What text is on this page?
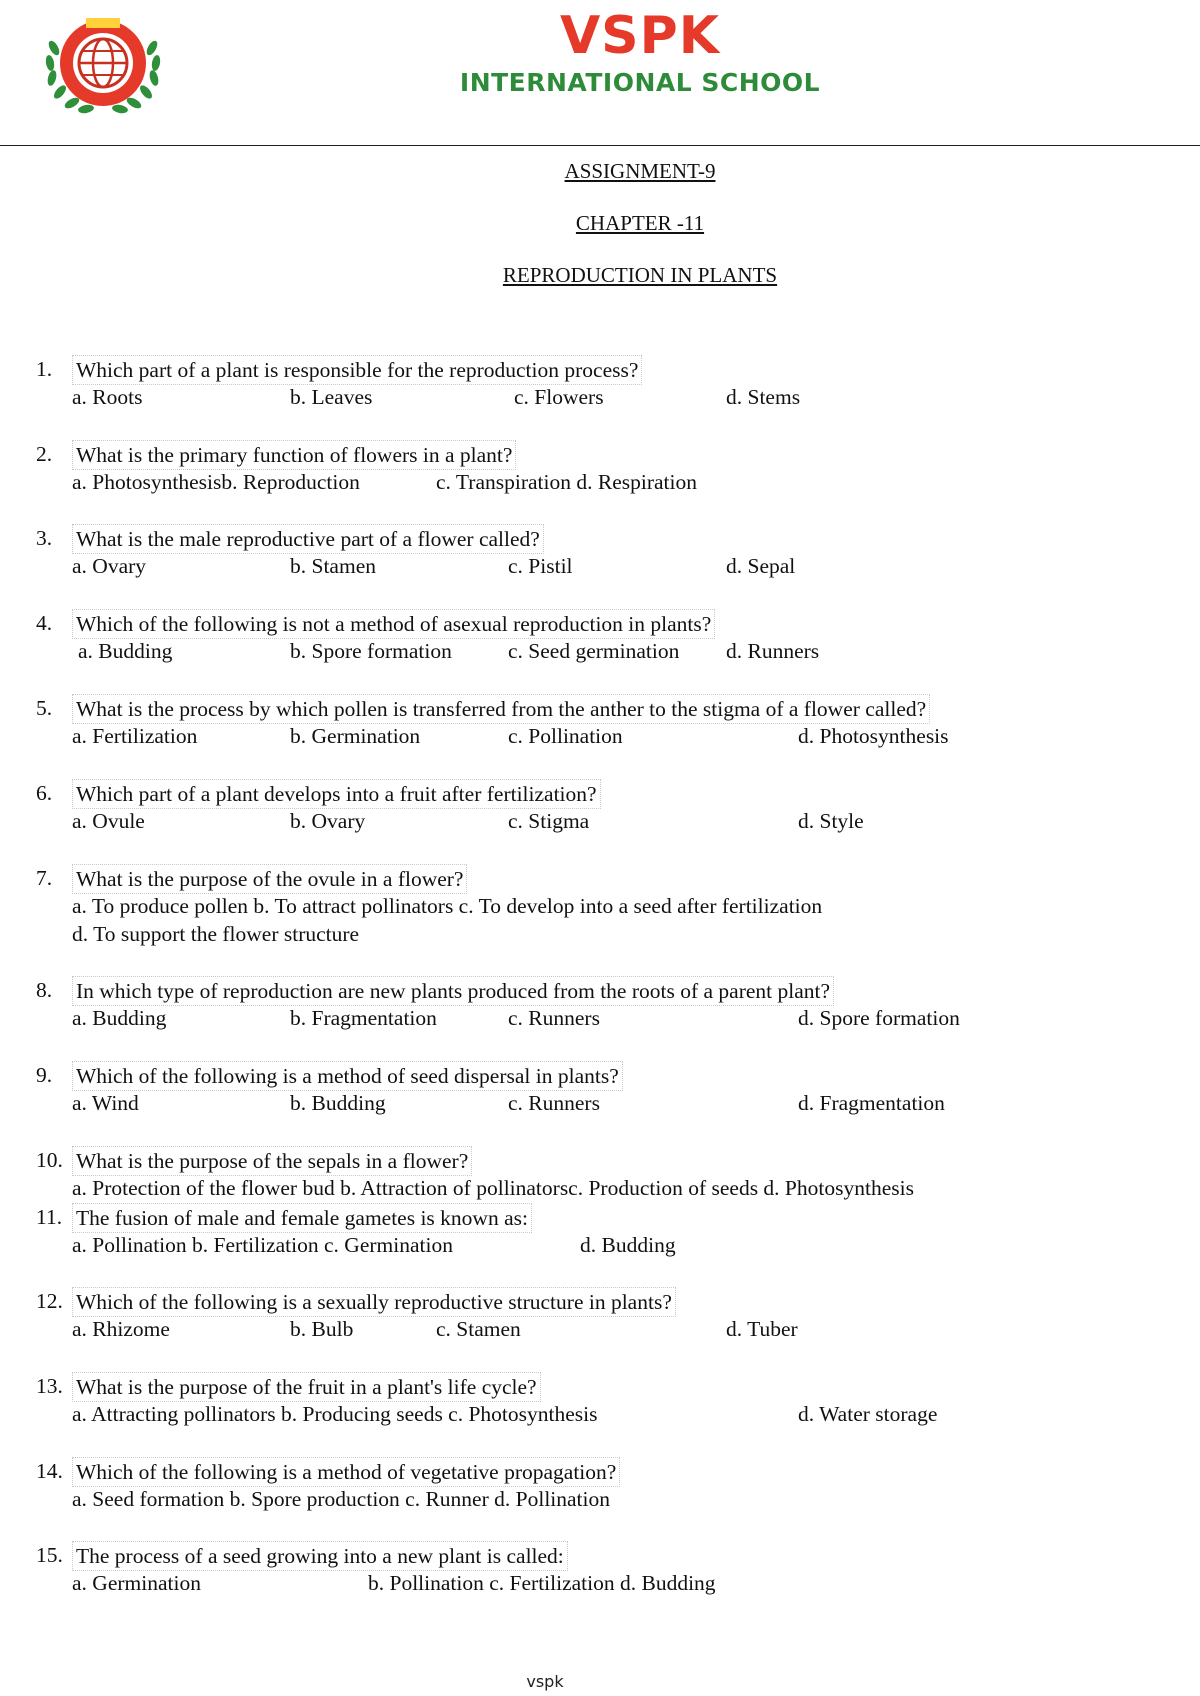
VSPK
INTERNATIONAL SCHOOL
ASSIGNMENT-9
CHAPTER -11
REPRODUCTION IN PLANTS
1. Which part of a plant is responsible for the reproduction process?
a. Roots	b. Leaves	c. Flowers	d. Stems
2. What is the primary function of flowers in a plant?
a. Photosynthesisb. Reproduction	c. Transpiration d. Respiration
3. What is the male reproductive part of a flower called?
a. Ovary	b. Stamen	c. Pistil	d. Sepal
4. Which of the following is not a method of asexual reproduction in plants?
a. Budding	b. Spore formation	c. Seed germination d. Runners
5. What is the process by which pollen is transferred from the anther to the stigma of a flower called?
a. Fertilization	b. Germination	c. Pollination	d. Photosynthesis
6. Which part of a plant develops into a fruit after fertilization?
a. Ovule	b. Ovary	c. Stigma	d. Style
7. What is the purpose of the ovule in a flower?
a. To produce pollen b. To attract pollinators c. To develop into a seed after fertilization
d. To support the flower structure
8. In which type of reproduction are new plants produced from the roots of a parent plant?
a. Budding	b. Fragmentation	c. Runners	d. Spore formation
9. Which of the following is a method of seed dispersal in plants?
a. Wind	b. Budding	c. Runners	d. Fragmentation
10. What is the purpose of the sepals in a flower?
a. Protection of the flower bud b. Attraction of pollinatorsc. Production of seeds d. Photosynthesis
11. The fusion of male and female gametes is known as:
a. Pollination b. Fertilization c. Germination	d. Budding
12. Which of the following is a sexually reproductive structure in plants?
a. Rhizome	b. Bulb	c. Stamen	d. Tuber
13. What is the purpose of the fruit in a plant's life cycle?
a. Attracting pollinators b. Producing seeds c. Photosynthesis	d. Water storage
14. Which of the following is a method of vegetative propagation?
a. Seed formation b. Spore production c. Runner d. Pollination
15. The process of a seed growing into a new plant is called:
a. Germination	b. Pollination c. Fertilization d. Budding
vspk
